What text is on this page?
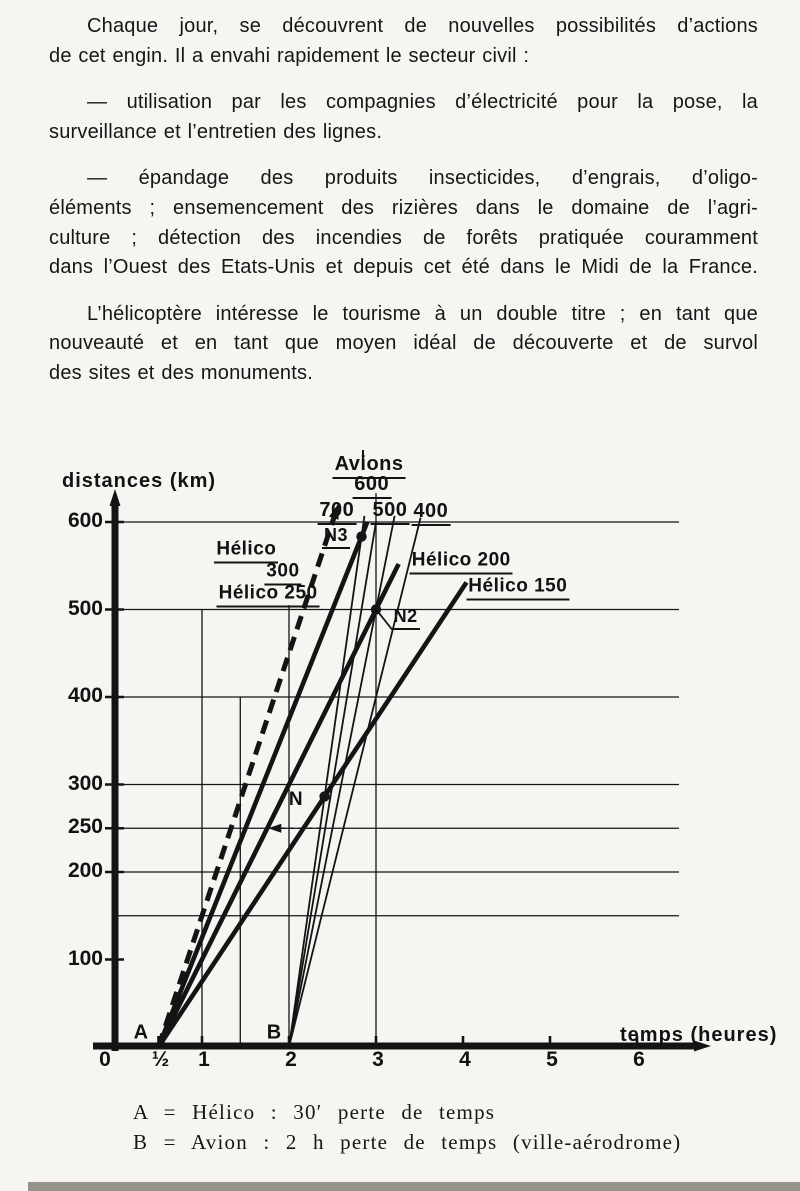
Chaque jour, se découvrent de nouvelles possibilités d’actions
de cet engin. Il a envahi rapidement le secteur civil :
— utilisation par les compagnies d’électricité pour la pose, la
surveillance et l’entretien des lignes.
— épandage des produits insecticides, d’engrais, d’oligo-
éléments ; ensemencement des rizières dans le domaine de l’agri-
culture ; détection des incendies de forêts pratiquée couramment
dans l’Ouest des Etats-Unis et depuis cet été dans le Midi de la France.
L’hélicoptère intéresse le tourisme à un double titre ; en tant que
nouveauté et en tant que moyen idéal de découverte et de survol
des sites et des monuments.
distances (km)
temps (heures)
Avions
600
700 500 400
N3
Hélico
300
Hélico 250
Hélico 200
Hélico 150
N2
N
A	B
600
500
400
300
250
200
100
0 ½ 1	2	3	4	5	6
A = Hélico : 30′ perte de temps
B = Avion : 2 h perte de temps (ville-aérodrome)
